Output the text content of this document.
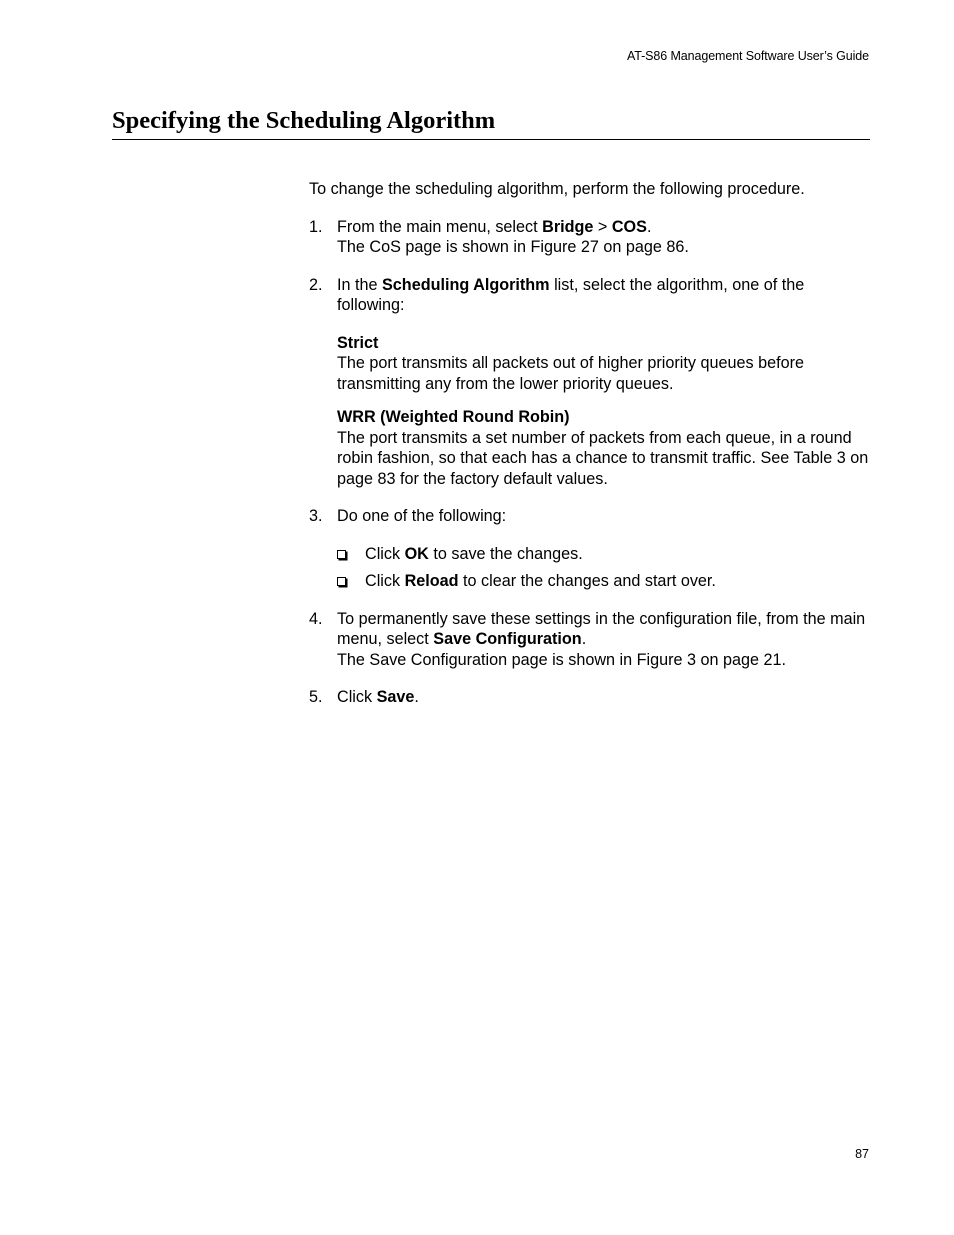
AT-S86 Management Software User’s Guide
Specifying the Scheduling Algorithm

To change the scheduling algorithm, perform the following procedure.

1. From the main menu, select Bridge > COS.

The CoS page is shown in Figure 27 on page 86.

2. In the Scheduling Algorithm list, select the algorithm, one of the following:

Strict
The port transmits all packets out of higher priority queues before transmitting any from the lower priority queues.
WRR (Weighted Round Robin)
The port transmits a set number of packets from each queue, in a round robin fashion, so that each has a chance to transmit traffic. See Table 3 on page 83 for the factory default values.
3. Do one of the following:

Click OK to save the changes.
Click Reload to clear the changes and start over.
4. To permanently save these settings in the configuration file, from the main menu, select Save Configuration.

The Save Configuration page is shown in Figure 3 on page 21.

5. Click Save.

87
